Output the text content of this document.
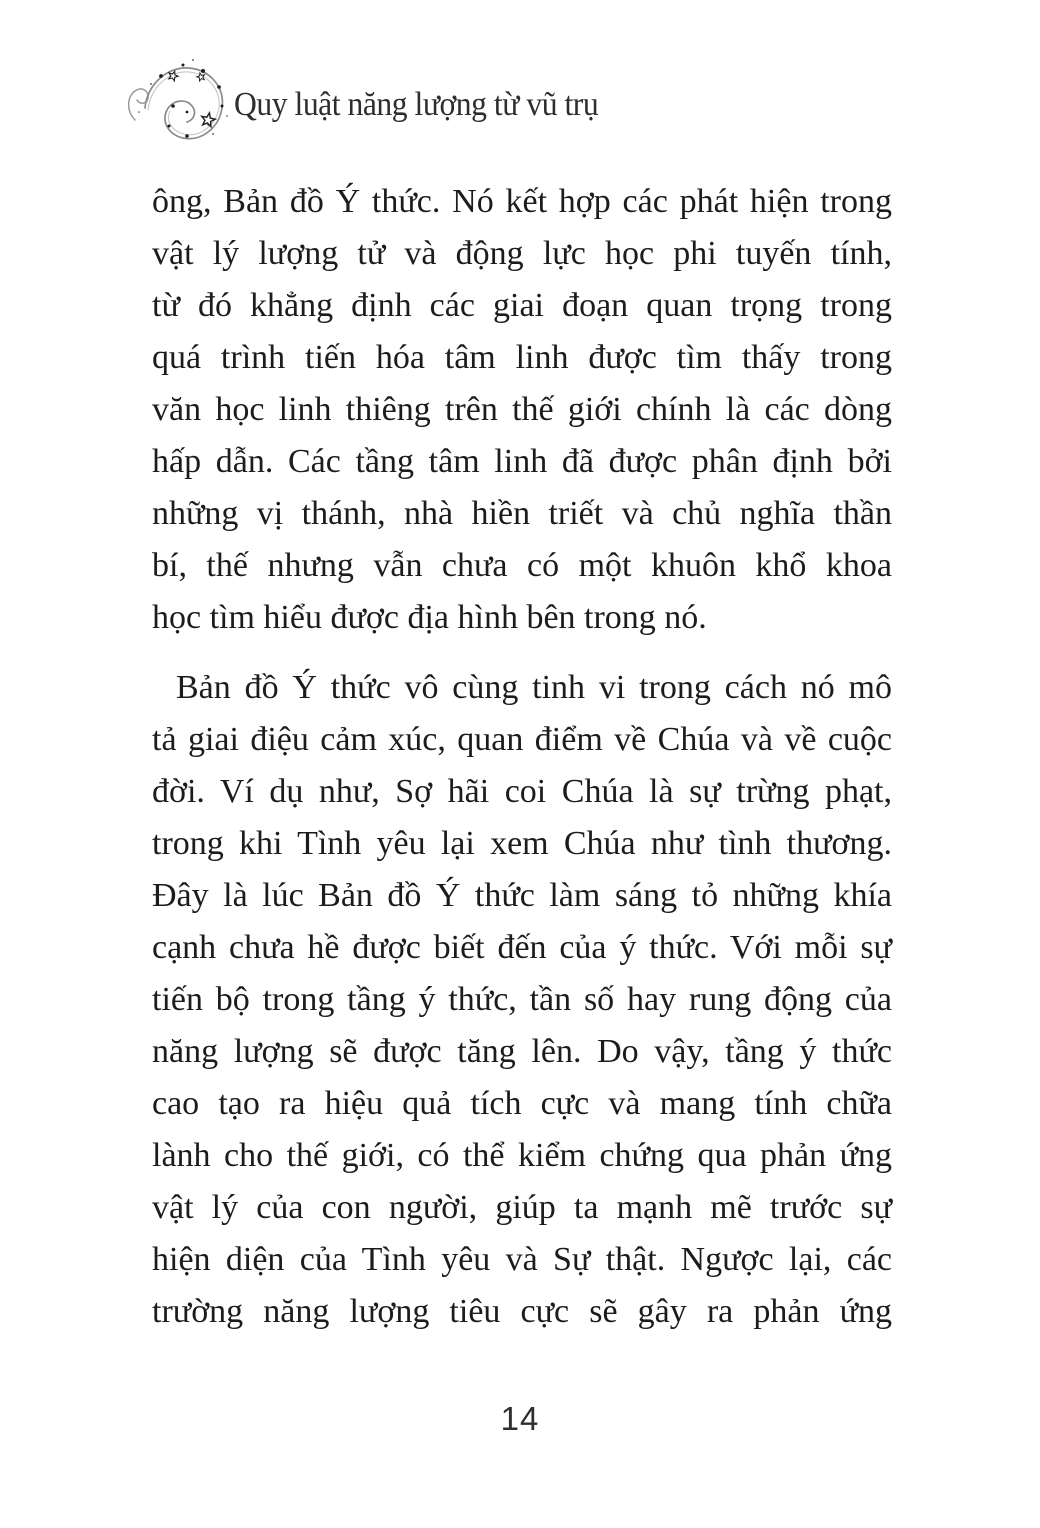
Quy luật năng lượng từ vũ trụ
ông, Bản đồ Ý thức. Nó kết hợp các phát hiện trong
vật lý lượng tử và động lực học phi tuyến tính,
từ đó khẳng định các giai đoạn quan trọng trong
quá trình tiến hóa tâm linh được tìm thấy trong
văn học linh thiêng trên thế giới chính là các dòng
hấp dẫn. Các tầng tâm linh đã được phân định bởi
những vị thánh, nhà hiền triết và chủ nghĩa thần
bí, thế nhưng vẫn chưa có một khuôn khổ khoa
học tìm hiểu được địa hình bên trong nó.
Bản đồ Ý thức vô cùng tinh vi trong cách nó mô
tả giai điệu cảm xúc, quan điểm về Chúa và về cuộc
đời. Ví dụ như, Sợ hãi coi Chúa là sự trừng phạt,
trong khi Tình yêu lại xem Chúa như tình thương.
Đây là lúc Bản đồ Ý thức làm sáng tỏ những khía
cạnh chưa hề được biết đến của ý thức. Với mỗi sự
tiến bộ trong tầng ý thức, tần số hay rung động của
năng lượng sẽ được tăng lên. Do vậy, tầng ý thức
cao tạo ra hiệu quả tích cực và mang tính chữa
lành cho thế giới, có thể kiểm chứng qua phản ứng
vật lý của con người, giúp ta mạnh mẽ trước sự
hiện diện của Tình yêu và Sự thật. Ngược lại, các
trường năng lượng tiêu cực sẽ gây ra phản ứng
14
